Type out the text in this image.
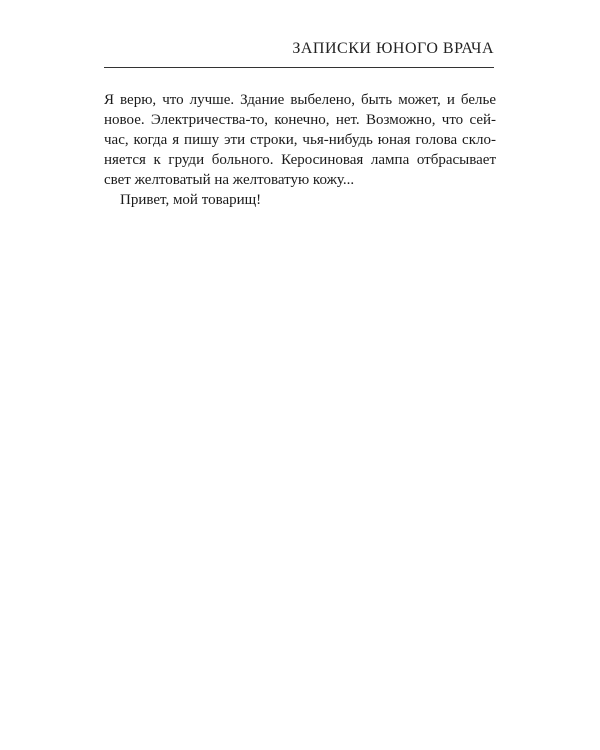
ЗАПИСКИ ЮНОГО ВРАЧА
Я верю, что лучше. Здание выбелено, быть может, и белье
новое. Электричества-то, конечно, нет. Возможно, что сей-
час, когда я пишу эти строки, чья-нибудь юная голова скло-
няется к груди больного. Керосиновая лампа отбрасывает
свет желтоватый на желтоватую кожу...
Привет, мой товарищ!
